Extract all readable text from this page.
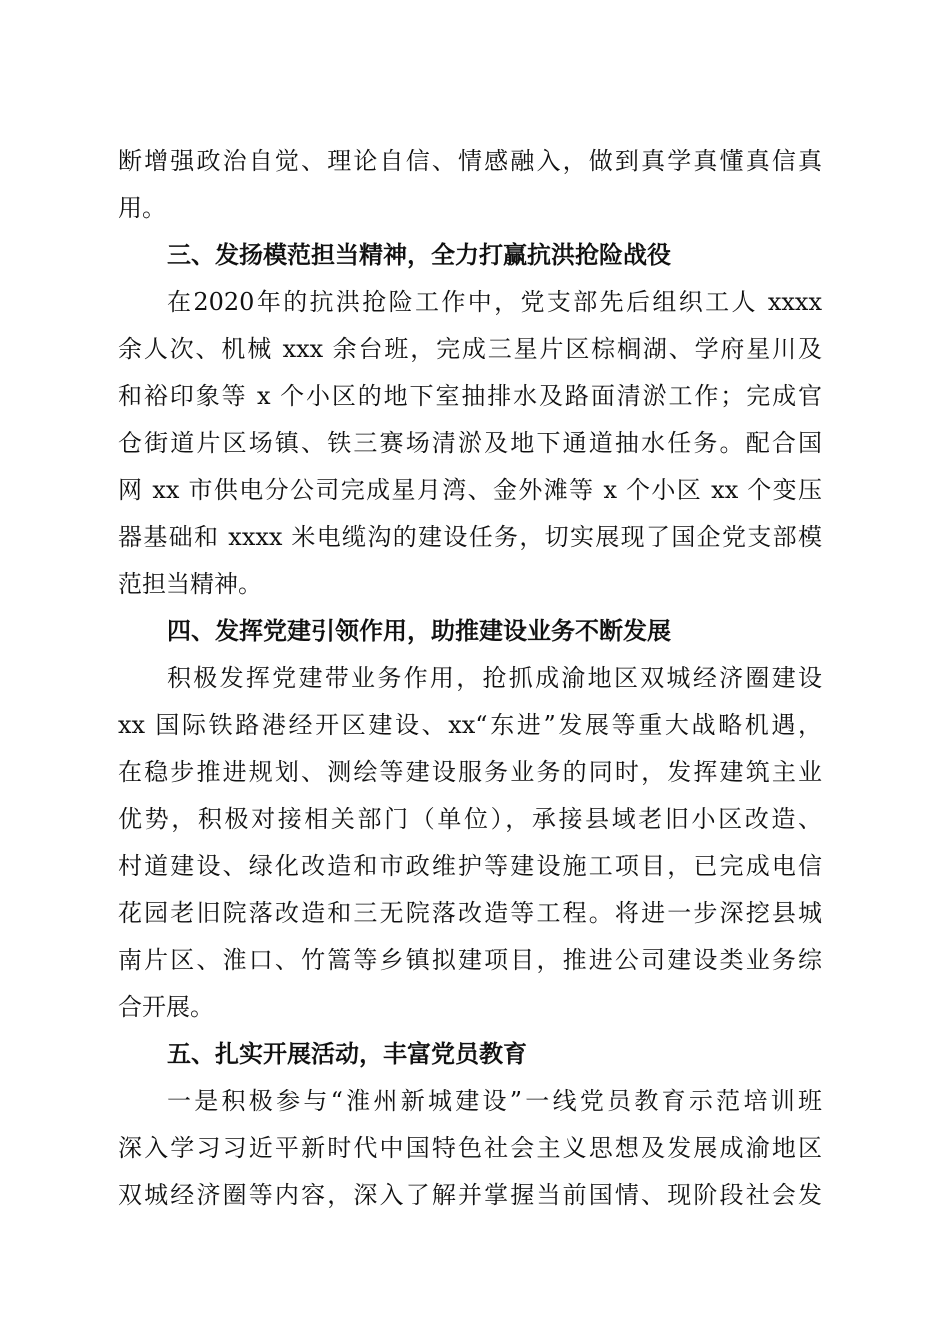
断增强政治自觉、理论自信、情感融入，做到真学真懂真信真
用。
三、发扬模范担当精神，全力打赢抗洪抢险战役
在2020年的抗洪抢险工作中，党支部先后组织工人 xxxx
余人次、机械 xxx 余台班，完成三星片区棕榈湖、学府星川及
和裕印象等 x 个小区的地下室抽排水及路面清淤工作；完成官
仓街道片区场镇、铁三赛场清淤及地下通道抽水任务。配合国
网 xx 市供电分公司完成星月湾、金外滩等 x 个小区 xx 个变压
器基础和 xxxx 米电缆沟的建设任务，切实展现了国企党支部模
范担当精神。
四、发挥党建引领作用，助推建设业务不断发展
积极发挥党建带业务作用，抢抓成渝地区双城经济圈建设
xx 国际铁路港经开区建设、xx“东进”发展等重大战略机遇，
在稳步推进规划、测绘等建设服务业务的同时，发挥建筑主业
优势，积极对接相关部门（单位），承接县域老旧小区改造、
村道建设、绿化改造和市政维护等建设施工项目，已完成电信
花园老旧院落改造和三无院落改造等工程。将进一步深挖县城
南片区、淮口、竹篙等乡镇拟建项目，推进公司建设类业务综
合开展。
五、扎实开展活动，丰富党员教育
一是积极参与“淮州新城建设”一线党员教育示范培训班
深入学习习近平新时代中国特色社会主义思想及发展成渝地区
双城经济圈等内容，深入了解并掌握当前国情、现阶段社会发
